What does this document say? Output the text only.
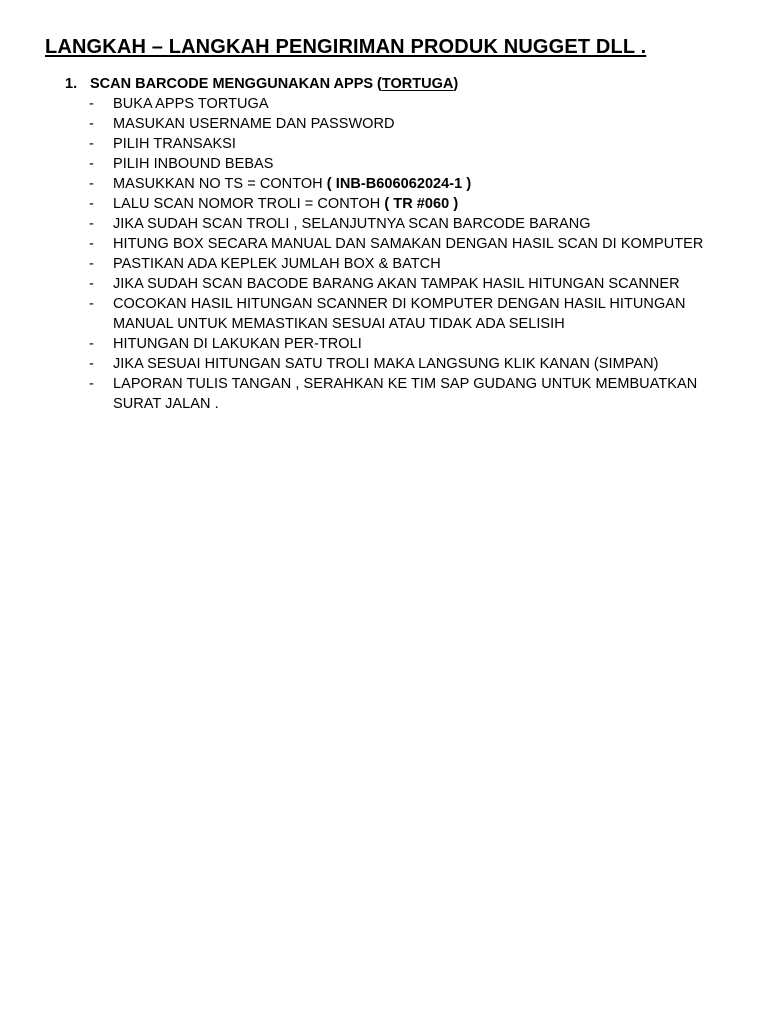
LANGKAH – LANGKAH PENGIRIMAN PRODUK NUGGET DLL .
1. SCAN BARCODE MENGGUNAKAN APPS (TORTUGA)
- BUKA APPS TORTUGA
- MASUKAN USERNAME DAN PASSWORD
- PILIH TRANSAKSI
- PILIH INBOUND BEBAS
- MASUKKAN NO TS = CONTOH ( INB-B606062024-1 )
- LALU SCAN NOMOR TROLI = CONTOH ( TR #060 )
- JIKA SUDAH SCAN TROLI , SELANJUTNYA SCAN BARCODE BARANG
- HITUNG BOX SECARA MANUAL DAN SAMAKAN DENGAN HASIL SCAN DI KOMPUTER
- PASTIKAN ADA KEPLEK JUMLAH BOX & BATCH
- JIKA SUDAH SCAN BACODE BARANG AKAN TAMPAK HASIL HITUNGAN SCANNER
- COCOKAN HASIL HITUNGAN SCANNER DI KOMPUTER DENGAN HASIL HITUNGAN MANUAL UNTUK MEMASTIKAN SESUAI ATAU TIDAK ADA SELISIH
- HITUNGAN DI LAKUKAN PER-TROLI
- JIKA SESUAI HITUNGAN SATU TROLI MAKA LANGSUNG KLIK KANAN (SIMPAN)
- LAPORAN TULIS TANGAN , SERAHKAN KE TIM SAP GUDANG UNTUK MEMBUATKAN SURAT JALAN .
